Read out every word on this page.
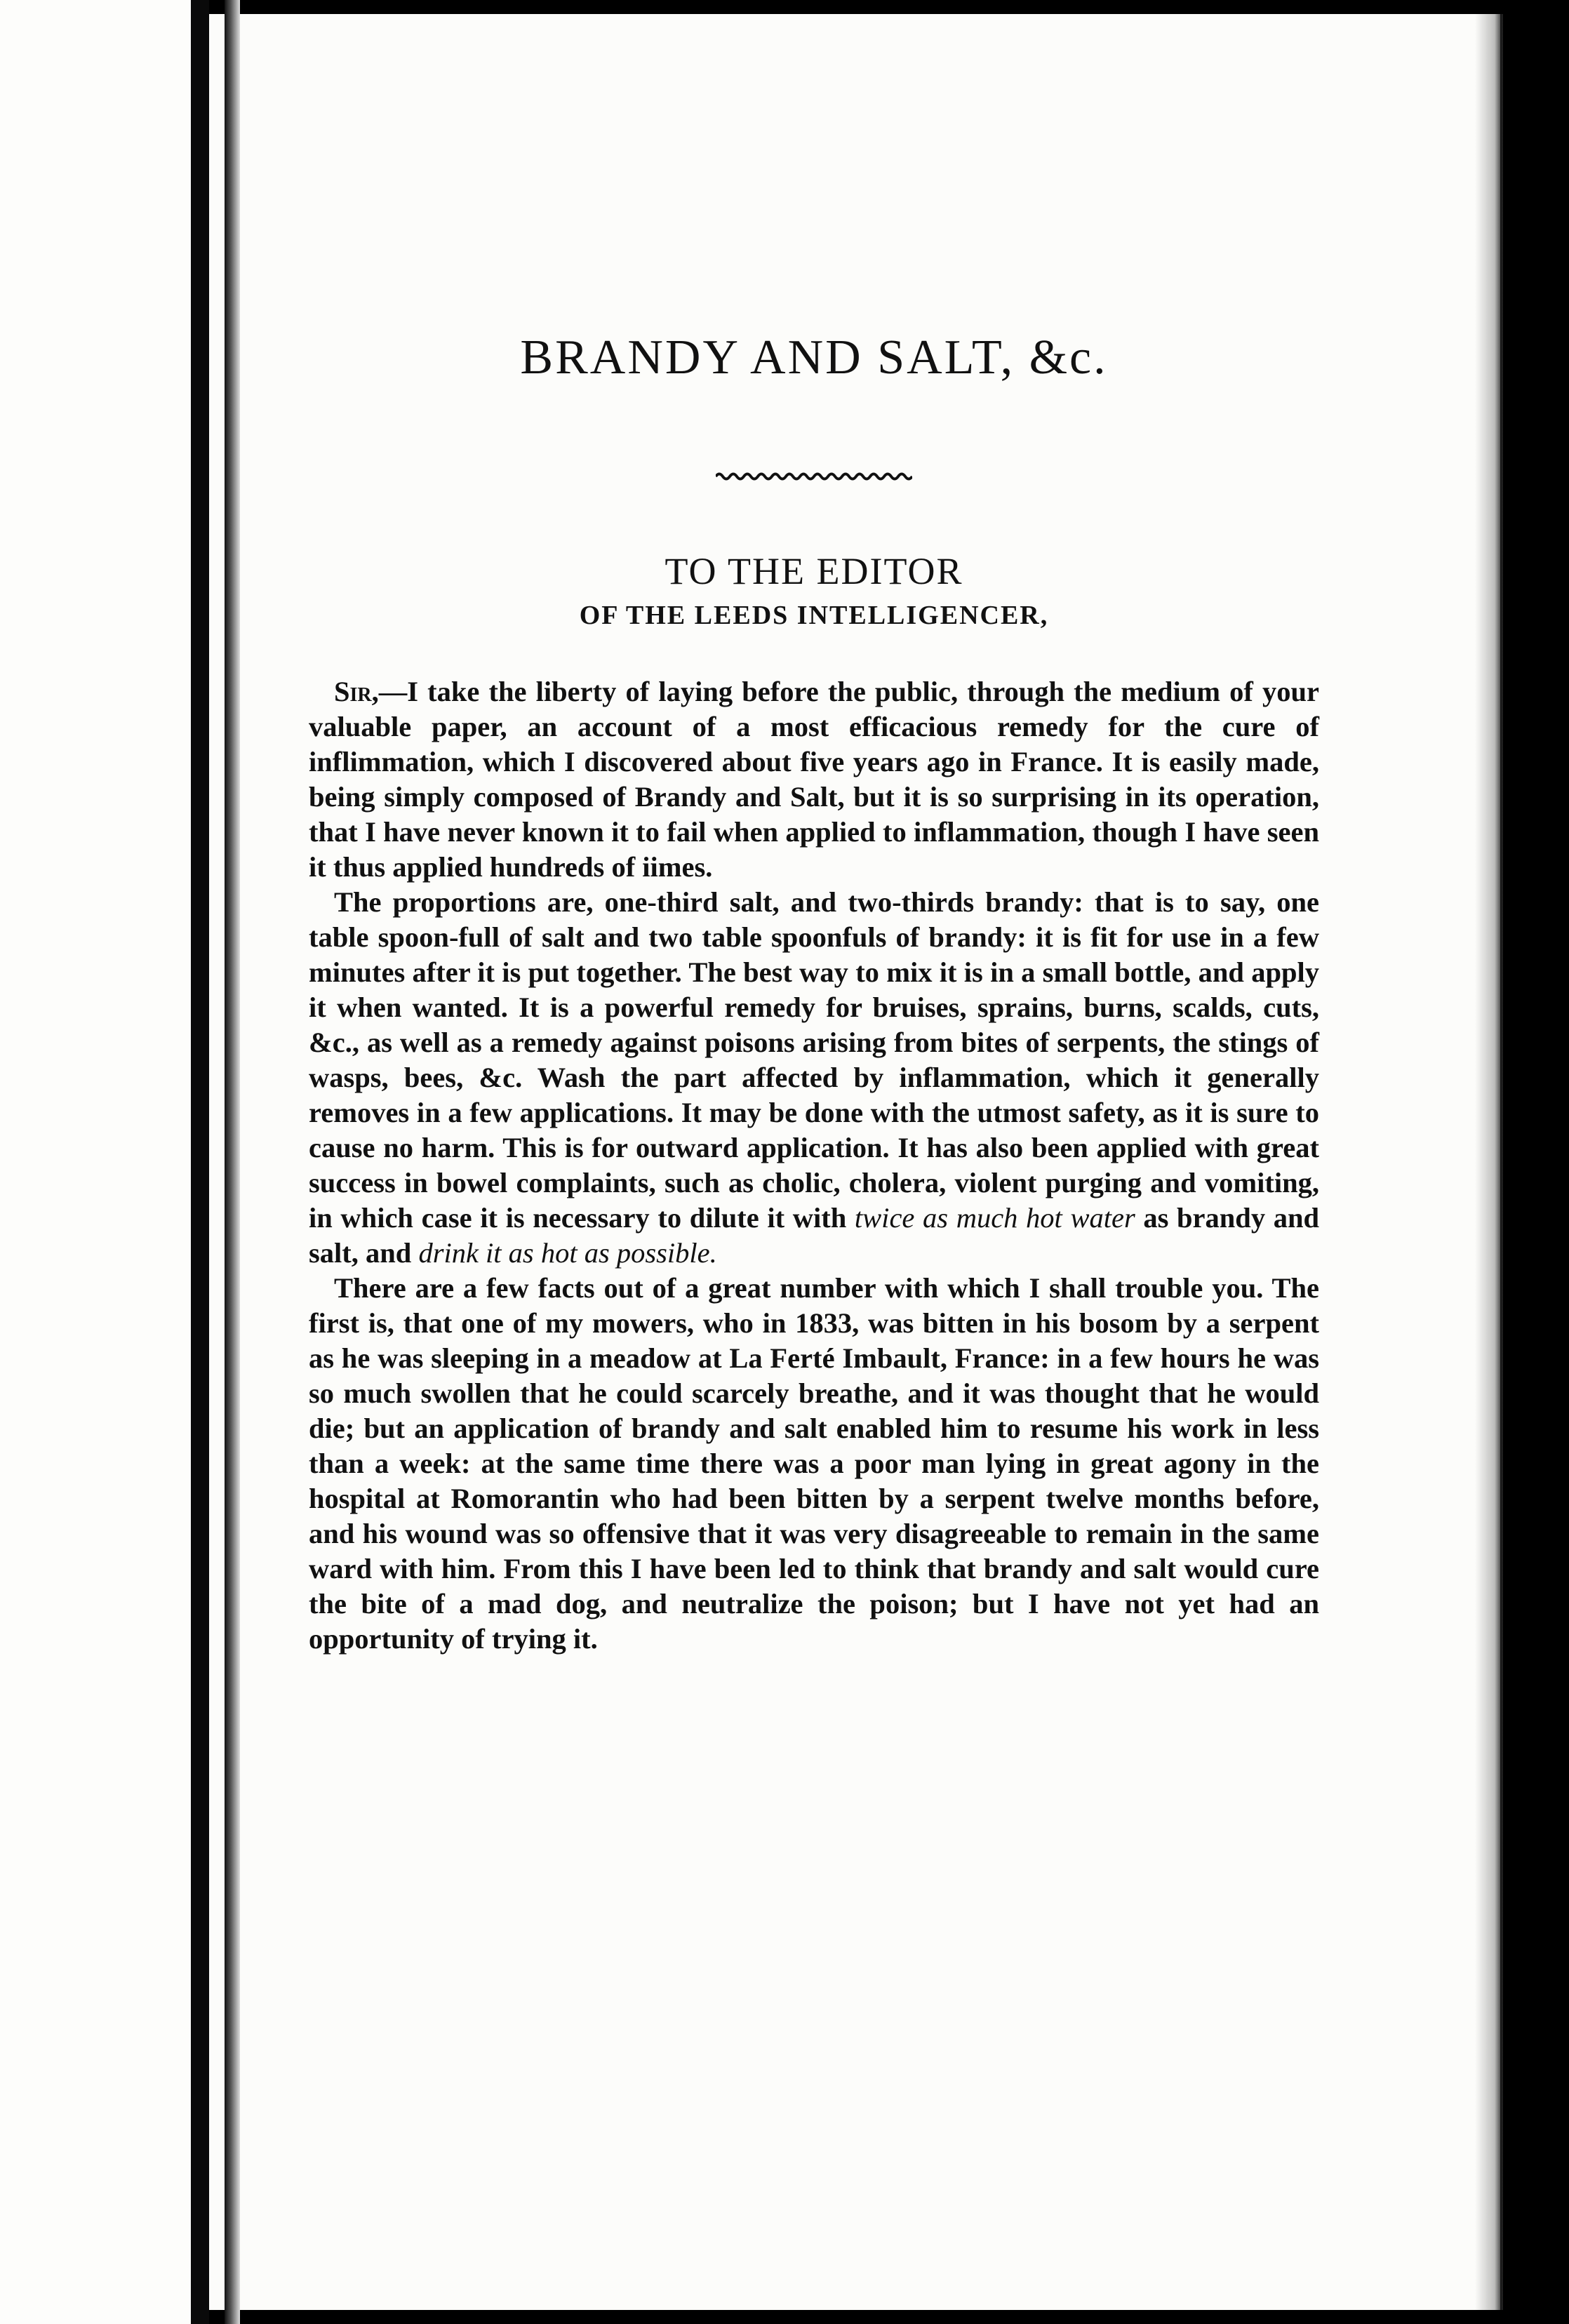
BRANDY AND SALT, &c.
TO THE EDITOR
OF THE LEEDS INTELLIGENCER,

Sir,—I take the liberty of laying before the public, through the medium of your valuable paper, an account of a most efficacious remedy for the cure of inflimmation, which I discovered about five years ago in France. It is easily made, being simply composed of Brandy and Salt, but it is so surprising in its operation, that I have never known it to fail when applied to inflammation, though I have seen it thus applied hundreds of iimes.

The proportions are, one-third salt, and two-thirds brandy: that is to say, one table spoon-full of salt and two table spoonfuls of brandy: it is fit for use in a few minutes after it is put together. The best way to mix it is in a small bottle, and apply it when wanted. It is a powerful remedy for bruises, sprains, burns, scalds, cuts, &c., as well as a remedy against poisons arising from bites of serpents, the stings of wasps, bees, &c. Wash the part affected by inflammation, which it generally removes in a few applications. It may be done with the utmost safety, as it is sure to cause no harm. This is for outward application. It has also been applied with great success in bowel complaints, such as cholic, cholera, violent purging and vomiting, in which case it is necessary to dilute it with twice as much hot water as brandy and salt, and drink it as hot as possible.

There are a few facts out of a great number with which I shall trouble you. The first is, that one of my mowers, who in 1833, was bitten in his bosom by a serpent as he was sleeping in a meadow at La Ferté Imbault, France: in a few hours he was so much swollen that he could scarcely breathe, and it was thought that he would die; but an application of brandy and salt enabled him to resume his work in less than a week: at the same time there was a poor man lying in great agony in the hospital at Romorantin who had been bitten by a serpent twelve months before, and his wound was so offensive that it was very disagreeable to remain in the same ward with him. From this I have been led to think that brandy and salt would cure the bite of a mad dog, and neutralize the poison; but I have not yet had an opportunity of trying it.
